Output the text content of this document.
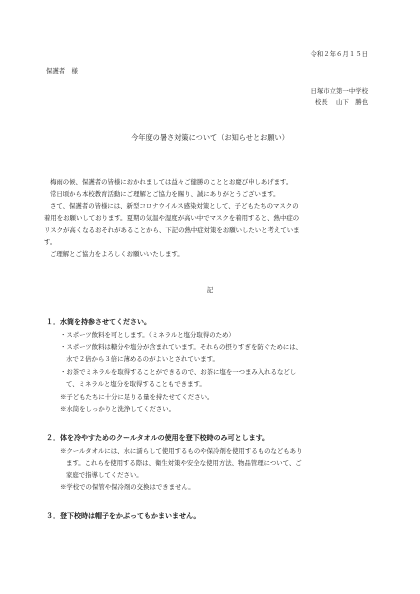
令和２年６月１５日
保護者　様
日塚市立第一中学校
校長　 山下　勝也
今年度の暑さ対策について（お知らせとお願い）
梅雨の候、保護者の皆様におかれましては益々ご健勝のこととお慶び申しあげます。
常日頃から本校教育活動にご理解とご協力を賜り、誠にありがとうございます。
さて、保護者の皆様には、新型コロナウイルス感染対策として、子どもたちのマスクの
着用をお願いしております。夏期の気温や湿度が高い中でマスクを着用すると、熱中症の
リスクが高くなるおそれがあることから、下記の熱中症対策をお願いしたいと考えていま
す。
ご理解とご協力をよろしくお願いいたします。
記
１．水筒を持参させてください。
・スポーツ飲料を可とします。（ミネラルと塩分取得のため）
・スポーツ飲料は糖分や塩分が含まれています。それらの摂りすぎを防ぐためには、
水で２倍から３倍に薄めるのがよいとされています。
・お茶でミネラルを取得することができるので、お茶に塩を一つまみ入れるなどし
て、ミネラルと塩分を取得することもできます。
※子どもたちに十分に足りる量を持たせてください。
※水筒をしっかりと洗浄してください。
２．体を冷やすためのクールタオルの使用を登下校時のみ可とします。
※クールタオルには、水に濡らして使用するものや保冷剤を使用するものなどもあり
ます。これらを使用する際は、衛生対策や安全な使用方法、物品管理について、ご
家庭で指導してください。
※学校での保管や保冷剤の交換はできません。
３．登下校時は帽子をかぶってもかまいません。
